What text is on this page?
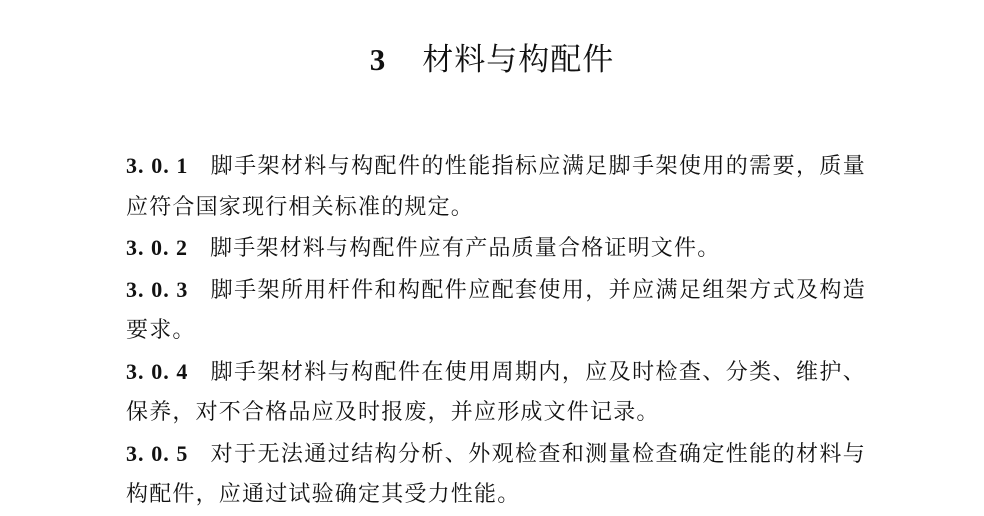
3 材料与构配件

3. 0. 1 脚手架材料与构配件的性能指标应满足脚手架使用的需要，质量应符合国家现行相关标准的规定。

3. 0. 2 脚手架材料与构配件应有产品质量合格证明文件。

3. 0. 3 脚手架所用杆件和构配件应配套使用，并应满足组架方式及构造要求。

3. 0. 4 脚手架材料与构配件在使用周期内，应及时检查、分类、维护、保养，对不合格品应及时报废，并应形成文件记录。

3. 0. 5 对于无法通过结构分析、外观检查和测量检查确定性能的材料与构配件，应通过试验确定其受力性能。
